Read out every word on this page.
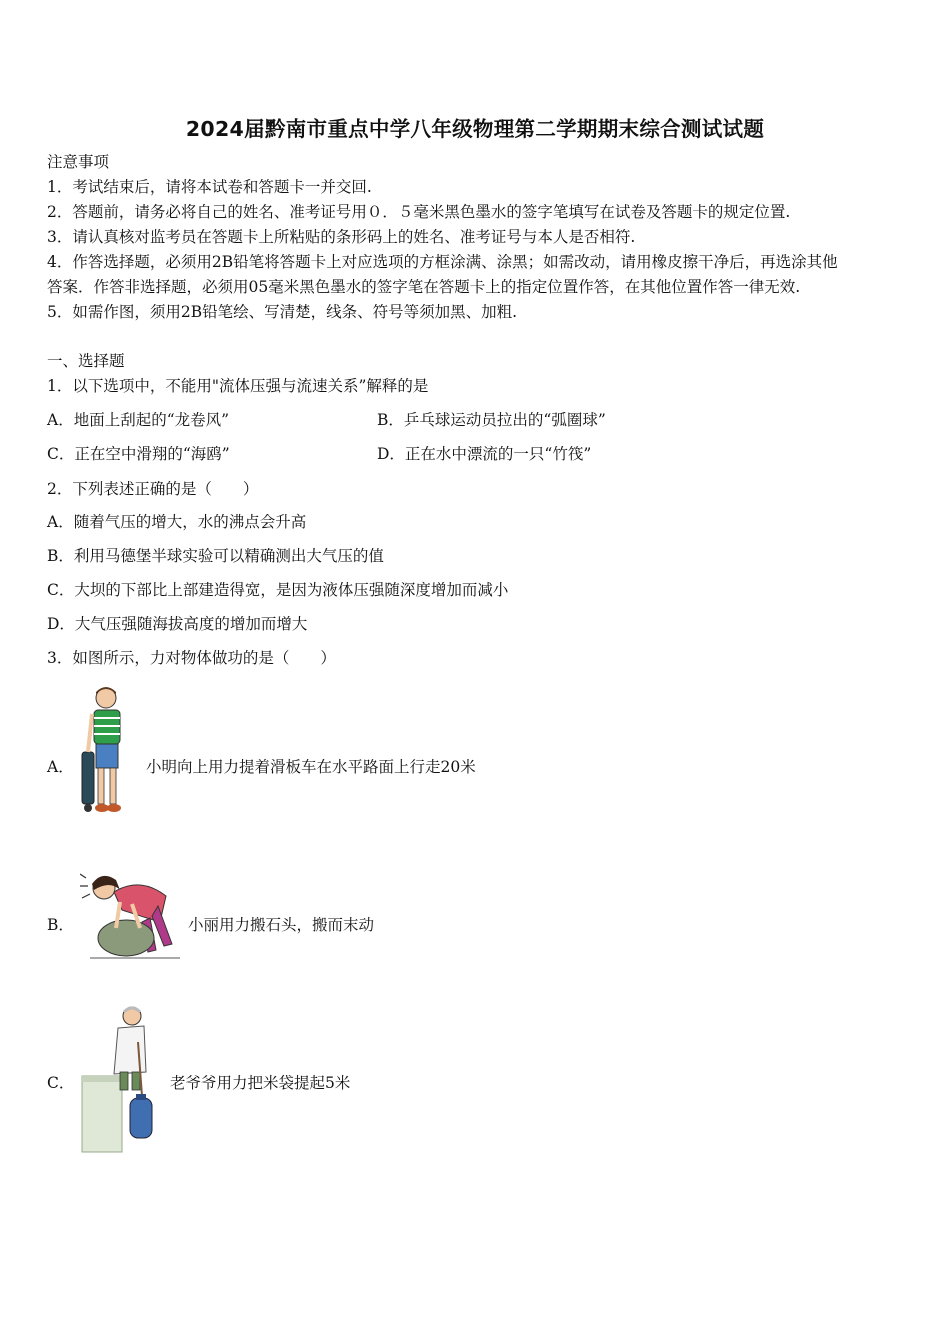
2024届黔南市重点中学八年级物理第二学期期末综合测试试题
注意事项
1．考试结束后，请将本试卷和答题卡一并交回.
2．答题前，请务必将自己的姓名、准考证号用０．５毫米黑色墨水的签字笔填写在试卷及答题卡的规定位置.
3．请认真核对监考员在答题卡上所粘贴的条形码上的姓名、准考证号与本人是否相符.
4．作答选择题，必须用2B铅笔将答题卡上对应选项的方框涂满、涂黑；如需改动，请用橡皮擦干净后，再选涂其他
答案．作答非选择题，必须用05毫米黑色墨水的签字笔在答题卡上的指定位置作答，在其他位置作答一律无效.
5．如需作图，须用2B铅笔绘、写清楚，线条、符号等须加黑、加粗.
一、选择题
1．以下选项中，不能用"流体压强与流速关系”解释的是
A．地面上刮起的“龙卷风”	B．乒乓球运动员拉出的“弧圈球”
C．正在空中滑翔的“海鸥”	D．正在水中漂流的一只“竹筏”
2．下列表述正确的是（　　）
A．随着气压的增大，水的沸点会升高
B．利用马德堡半球实验可以精确测出大气压的值
C．大坝的下部比上部建造得宽，是因为液体压强随深度增加而减小
D．大气压强随海拔高度的增加而增大
3．如图所示，力对物体做功的是（　　）
A．	小明向上用力提着滑板车在水平路面上行走20米
B．	小丽用力搬石头，搬而末动
C．	老爷爷用力把米袋提起5米
